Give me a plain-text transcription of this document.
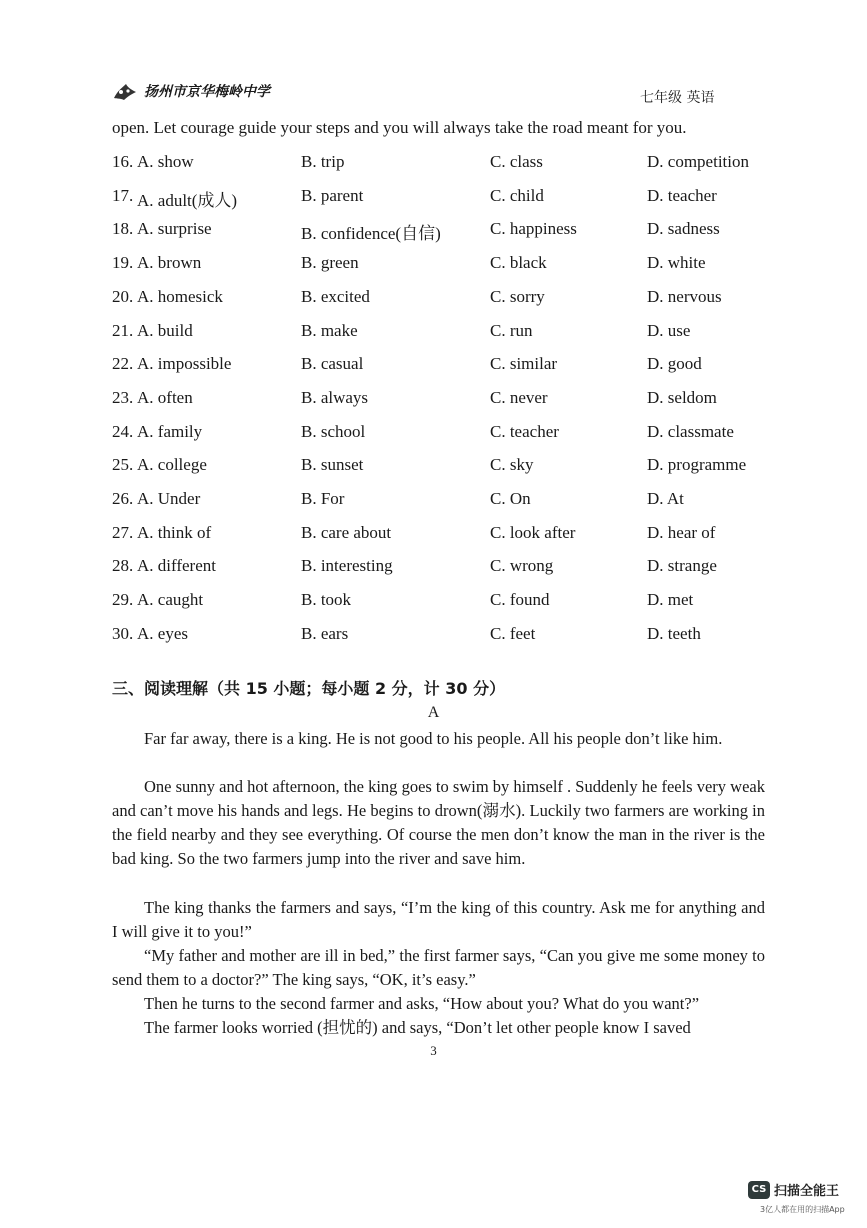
扬州市京华梅岭中学	七年级 英语
open. Let courage guide your steps and you will always take the road meant for you.
16. A. show	B. trip	C. class	D. competition
17. A. adult(成人)	B. parent	C. child	D. teacher
18. A. surprise	B. confidence(自信)	C. happiness	D. sadness
19. A. brown	B. green	C. black	D. white
20. A. homesick	B. excited	C. sorry	D. nervous
21. A. build	B. make	C. run	D. use
22. A. impossible	B. casual	C. similar	D. good
23. A. often	B. always	C. never	D. seldom
24. A. family	B. school	C. teacher	D. classmate
25. A. college	B. sunset	C. sky	D. programme
26. A. Under	B. For	C. On	D. At
27. A. think of	B. care about	C. look after	D. hear of
28. A. different	B. interesting	C. wrong	D. strange
29. A. caught	B. took	C. found	D. met
30. A. eyes	B. ears	C. feet	D. teeth
三、阅读理解（共 15 小题；每小题 2 分，计 30 分）
A

Far far away, there is a king. He is not good to his people. All his people don’t like him.

One sunny and hot afternoon, the king goes to swim by himself . Suddenly he feels very weak and can’t move his hands and legs. He begins to drown(溺水). Luckily two farmers are working in the field nearby and they see everything. Of course the men don’t know the man in the river is the bad king. So the two farmers jump into the river and save him.

The king thanks the farmers and says, “I’m the king of this country. Ask me for anything and I will give it to you!”

“My father and mother are ill in bed,” the first farmer says, “Can you give me some money to send them to a doctor?” The king says, “OK, it’s easy.”

Then he turns to the second farmer and asks, “How about you? What do you want?”

The farmer looks worried (担忧的) and says, “Don’t let other people know I saved

3
CS 扫描全能王
3亿人都在用的扫描App
